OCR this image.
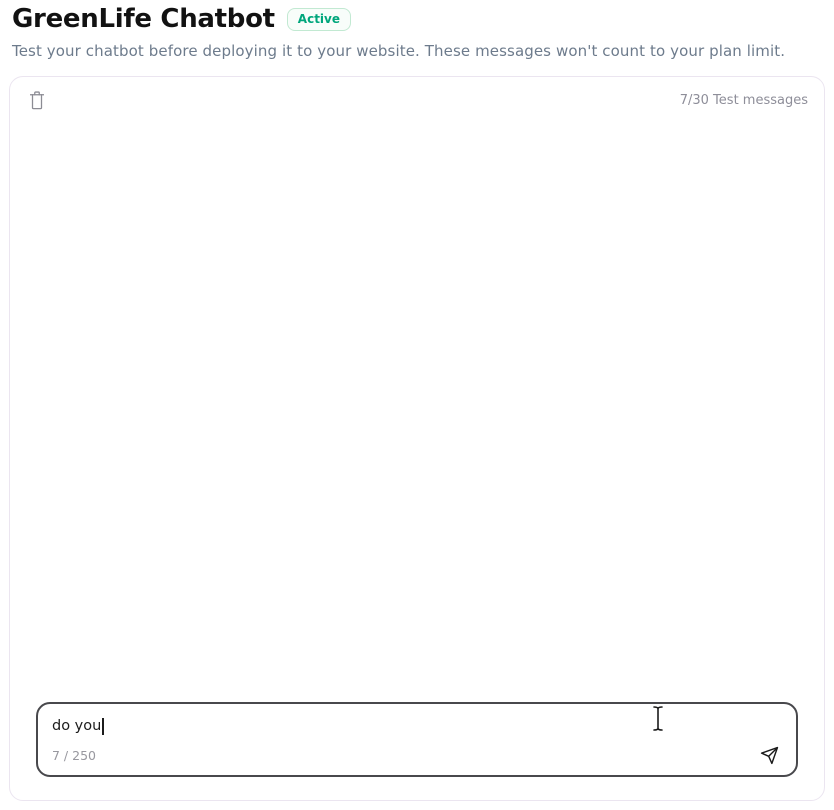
GreenLife Chatbot	Active

Test your chatbot before deploying it to your website. These messages won't count to your plan limit.

7/30 Test messages
do you
7 / 250
